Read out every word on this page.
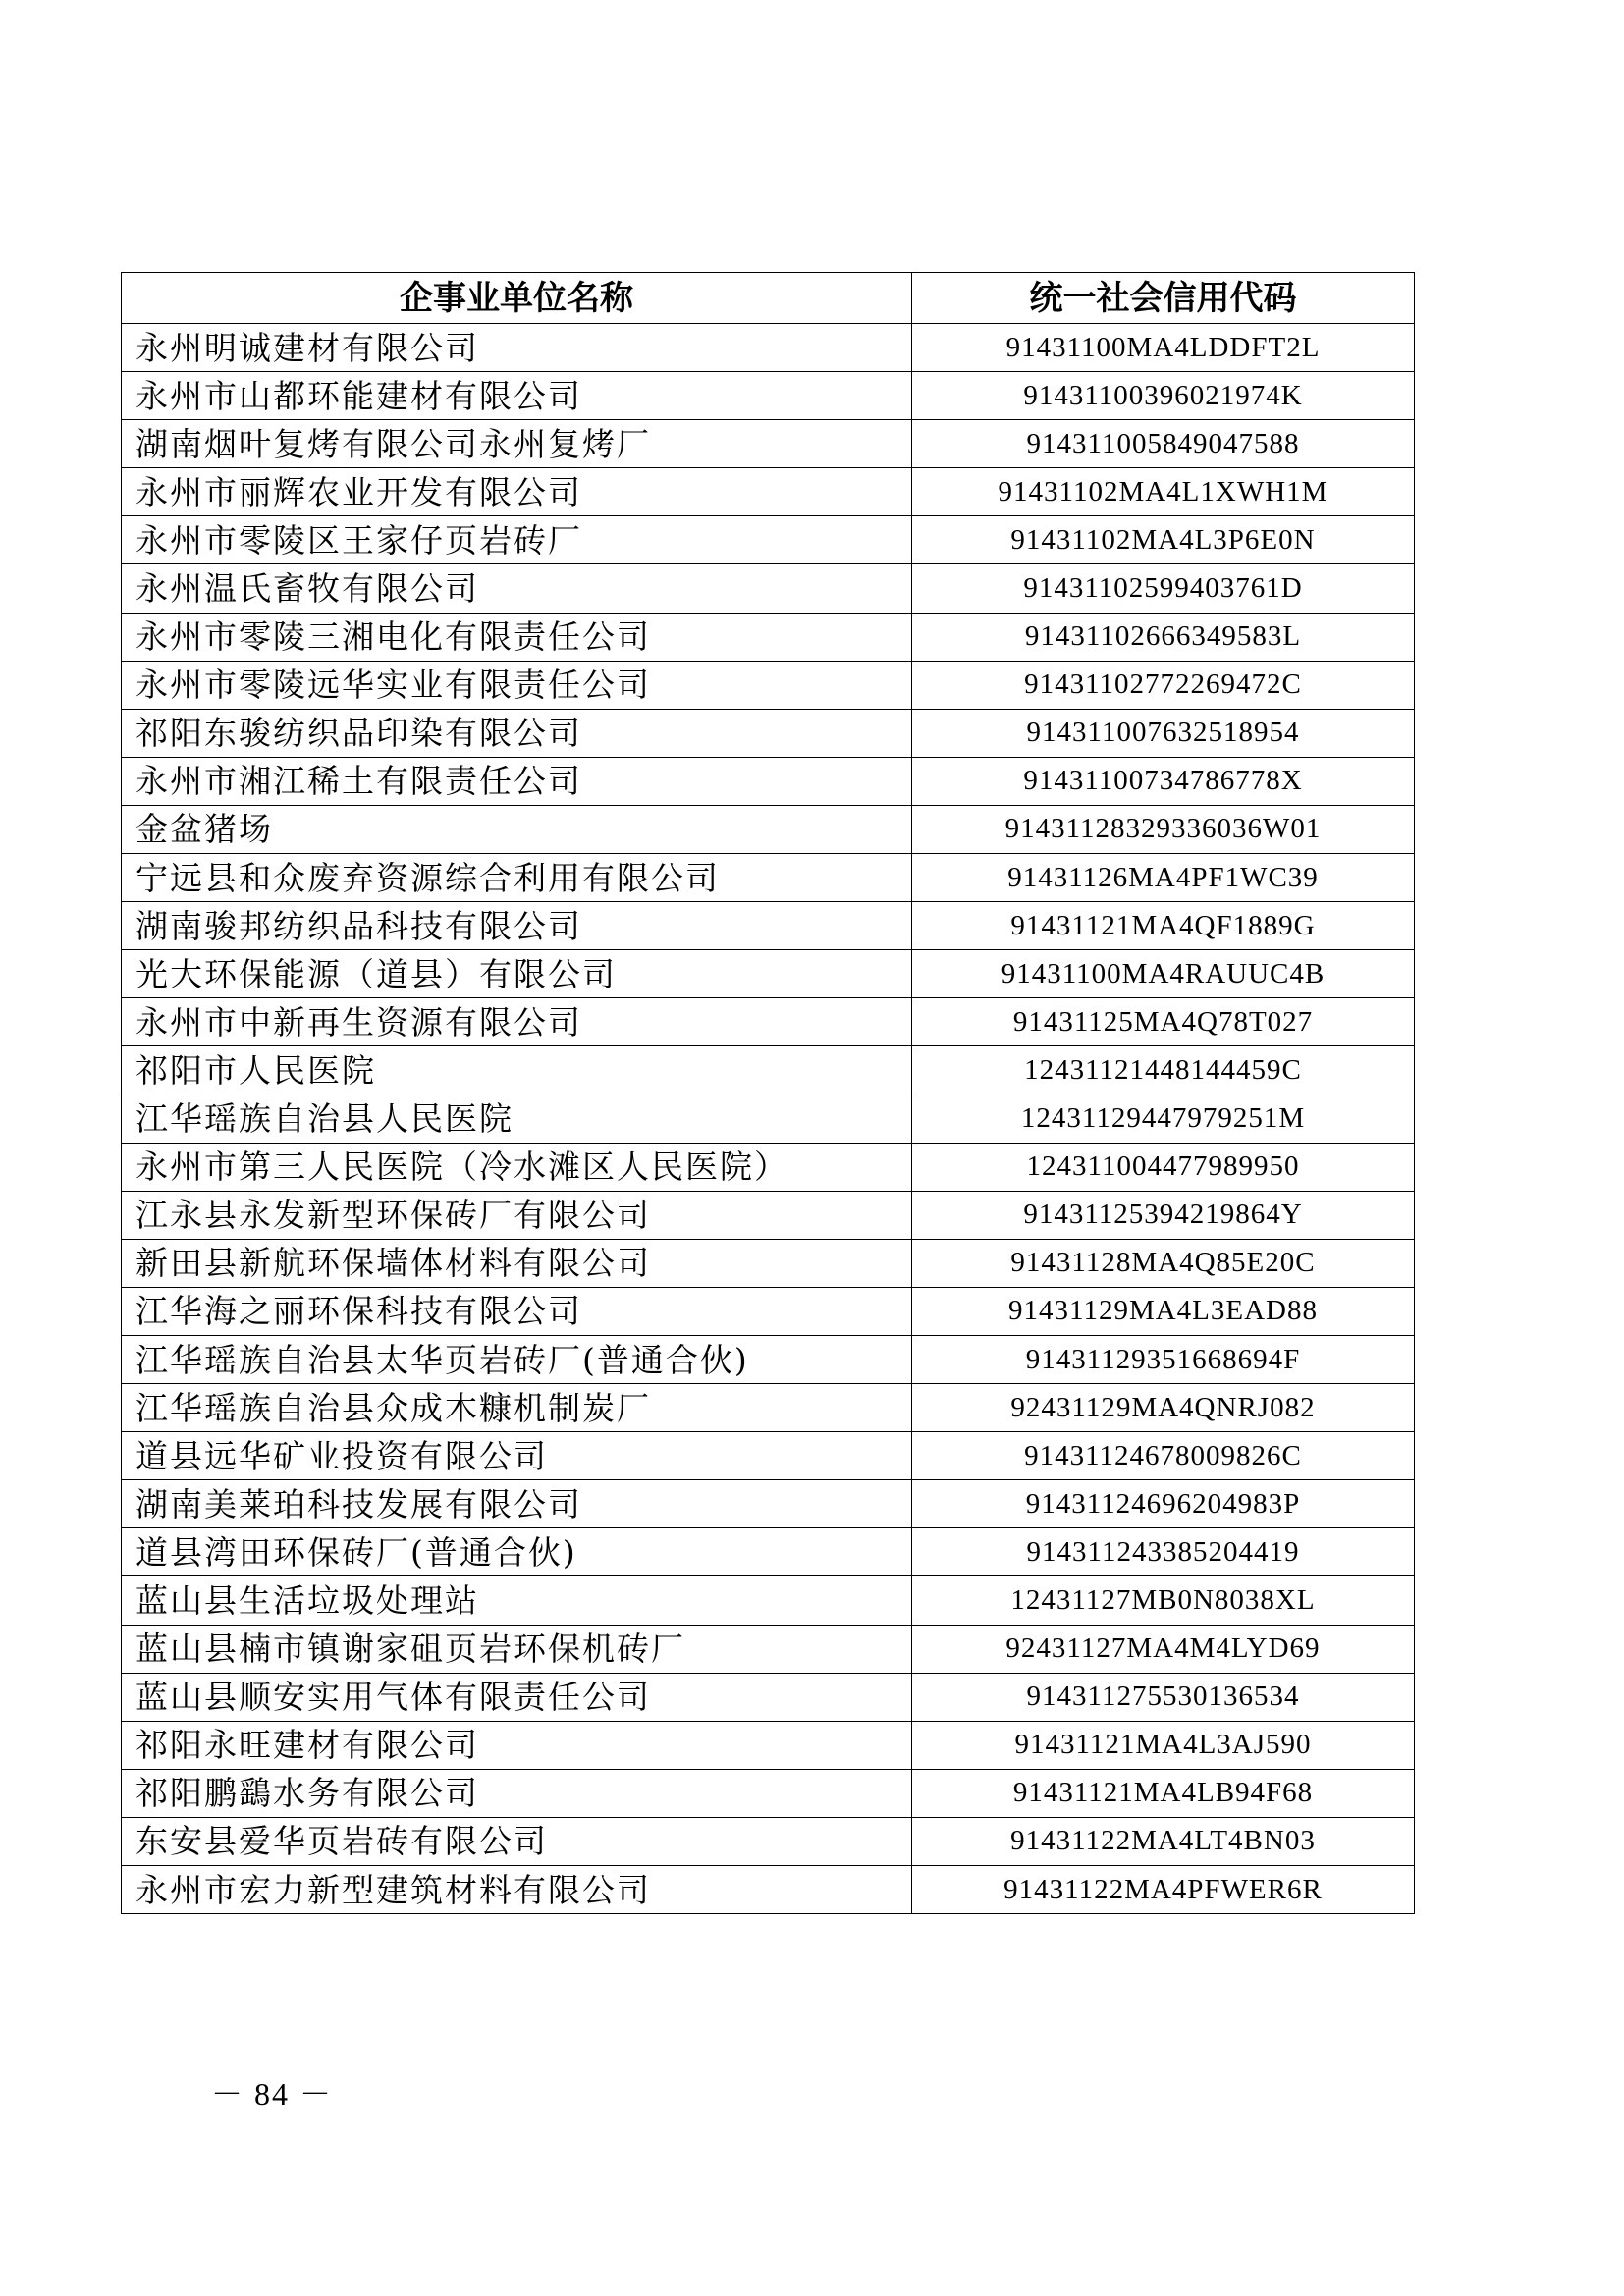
企事业单位名称	统一社会信用代码
永州明诚建材有限公司	91431100MA4LDDFT2L
永州市山都环能建材有限公司	91431100396021974K
湖南烟叶复烤有限公司永州复烤厂	914311005849047588
永州市丽辉农业开发有限公司	91431102MA4L1XWH1M
永州市零陵区王家仔页岩砖厂	91431102MA4L3P6E0N
永州温氏畜牧有限公司	91431102599403761D
永州市零陵三湘电化有限责任公司	91431102666349583L
永州市零陵远华实业有限责任公司	91431102772269472C
祁阳东骏纺织品印染有限公司	914311007632518954
永州市湘江稀土有限责任公司	91431100734786778X
金盆猪场	91431128329336036W01
宁远县和众废弃资源综合利用有限公司	91431126MA4PF1WC39
湖南骏邦纺织品科技有限公司	91431121MA4QF1889G
光大环保能源（道县）有限公司	91431100MA4RAUUC4B
永州市中新再生资源有限公司	91431125MA4Q78T027
祁阳市人民医院	12431121448144459C
江华瑶族自治县人民医院	12431129447979251M
永州市第三人民医院（冷水滩区人民医院）	124311004477989950
江永县永发新型环保砖厂有限公司	91431125394219864Y
新田县新航环保墙体材料有限公司	91431128MA4Q85E20C
江华海之丽环保科技有限公司	91431129MA4L3EAD88
江华瑶族自治县太华页岩砖厂(普通合伙)	91431129351668694F
江华瑶族自治县众成木糠机制炭厂	92431129MA4QNRJ082
道县远华矿业投资有限公司	91431124678009826C
湖南美莱珀科技发展有限公司	91431124696204983P
道县湾田环保砖厂(普通合伙)	914311243385204419
蓝山县生活垃圾处理站	12431127MB0N8038XL
蓝山县楠市镇谢家砠页岩环保机砖厂	92431127MA4M4LYD69
蓝山县顺安实用气体有限责任公司	914311275530136534
祁阳永旺建材有限公司	91431121MA4L3AJ590
祁阳鹏鷂水务有限公司	91431121MA4LB94F68
东安县爱华页岩砖有限公司	91431122MA4LT4BN03
永州市宏力新型建筑材料有限公司	91431122MA4PFWER6R
－ 84 －
